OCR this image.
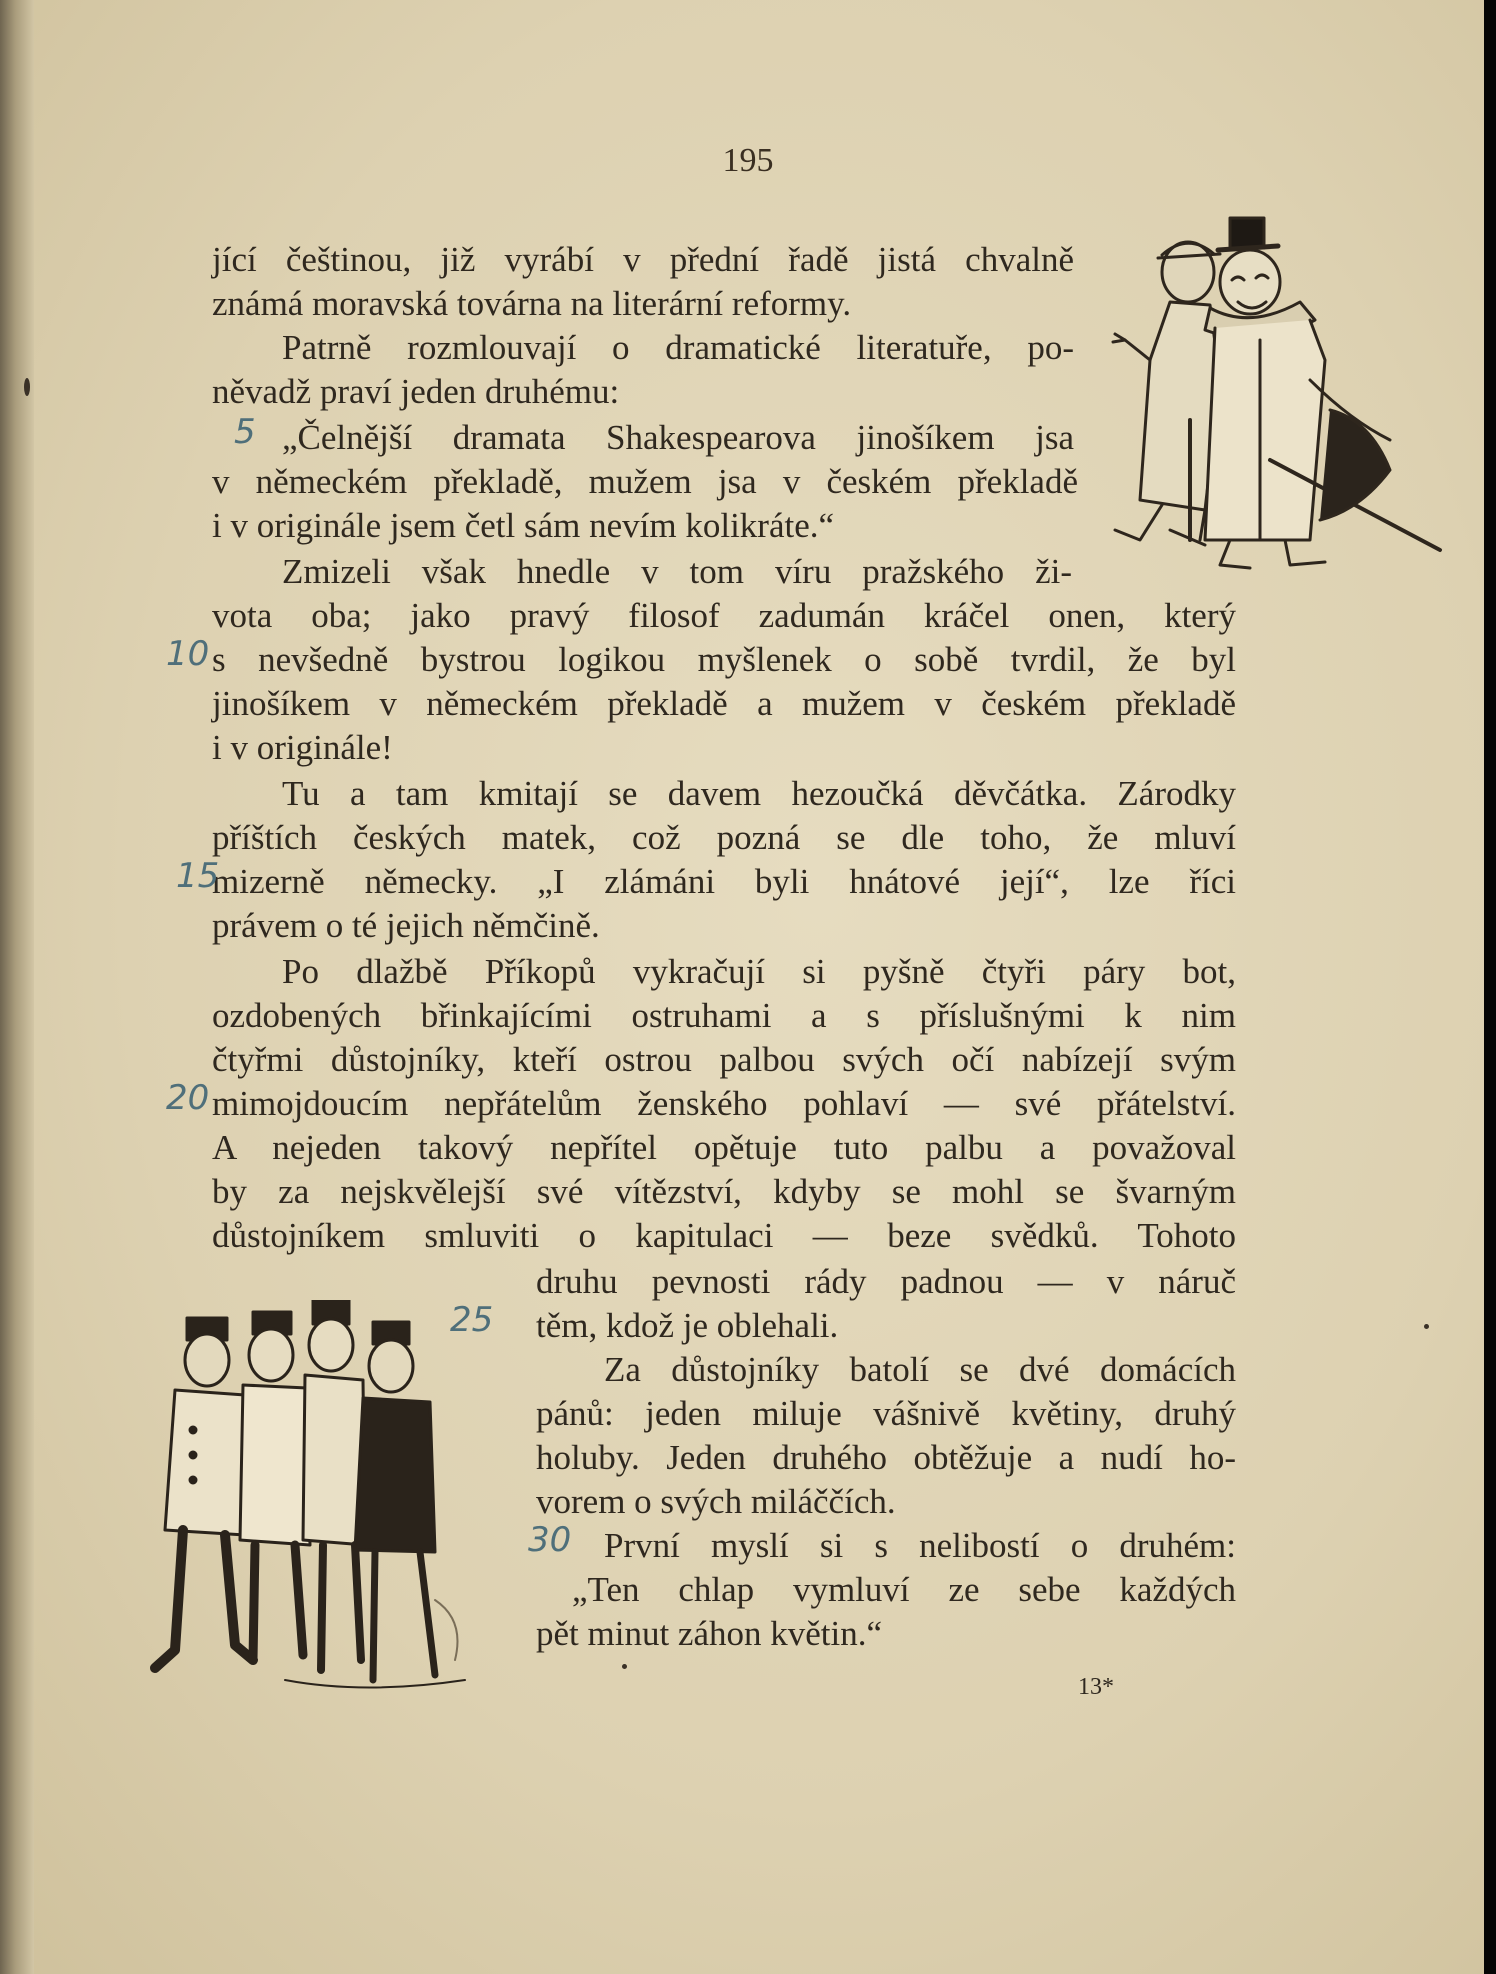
195
jící češtinou, již vyrábí v přední řadě jistá chvalně
známá moravská továrna na literární reformy.
Patrně rozmlouvají o dramatické literatuře, po-
něvadž praví jeden druhému:
„Čelnější dramata Shakespearova jinošíkem jsa
v německém překladě, mužem jsa v českém překladě
i v originále jsem četl sám nevím kolikráte.“
Zmizeli však hnedle v tom víru pražského ži-
vota oba; jako pravý filosof zadumán kráčel onen, který
s nevšedně bystrou logikou myšlenek o sobě tvrdil, že byl
jinošíkem v německém překladě a mužem v českém překladě
i v originále!
Tu a tam kmitají se davem hezoučká děvčátka. Zárodky
příštích českých matek, což pozná se dle toho, že mluví
mizerně německy. „I zlámáni byli hnátové její“, lze říci
právem o té jejich němčině.
Po dlažbě Příkopů vykračují si pyšně čtyři páry bot,
ozdobených břinkajícími ostruhami a s příslušnými k nim
čtyřmi důstojníky, kteří ostrou palbou svých očí nabízejí svým
mimojdoucím nepřátelům ženského pohlaví — své přátelství.
A nejeden takový nepřítel opětuje tuto palbu a považoval
by za nejskvělejší své vítězství, kdyby se mohl se švarným
důstojníkem smluviti o kapitulaci — beze svědků. Tohoto
druhu pevnosti rády padnou — v náruč
těm, kdož je oblehali.
Za důstojníky batolí se dvé domácích
pánů: jeden miluje vášnivě květiny, druhý
holuby. Jeden druhého obtěžuje a nudí ho-
vorem o svých miláččích.
První myslí si s nelibostí o druhém:
„Ten chlap vymluví ze sebe každých
pět minut záhon květin.“
5
10
15
20
25
30
13*
